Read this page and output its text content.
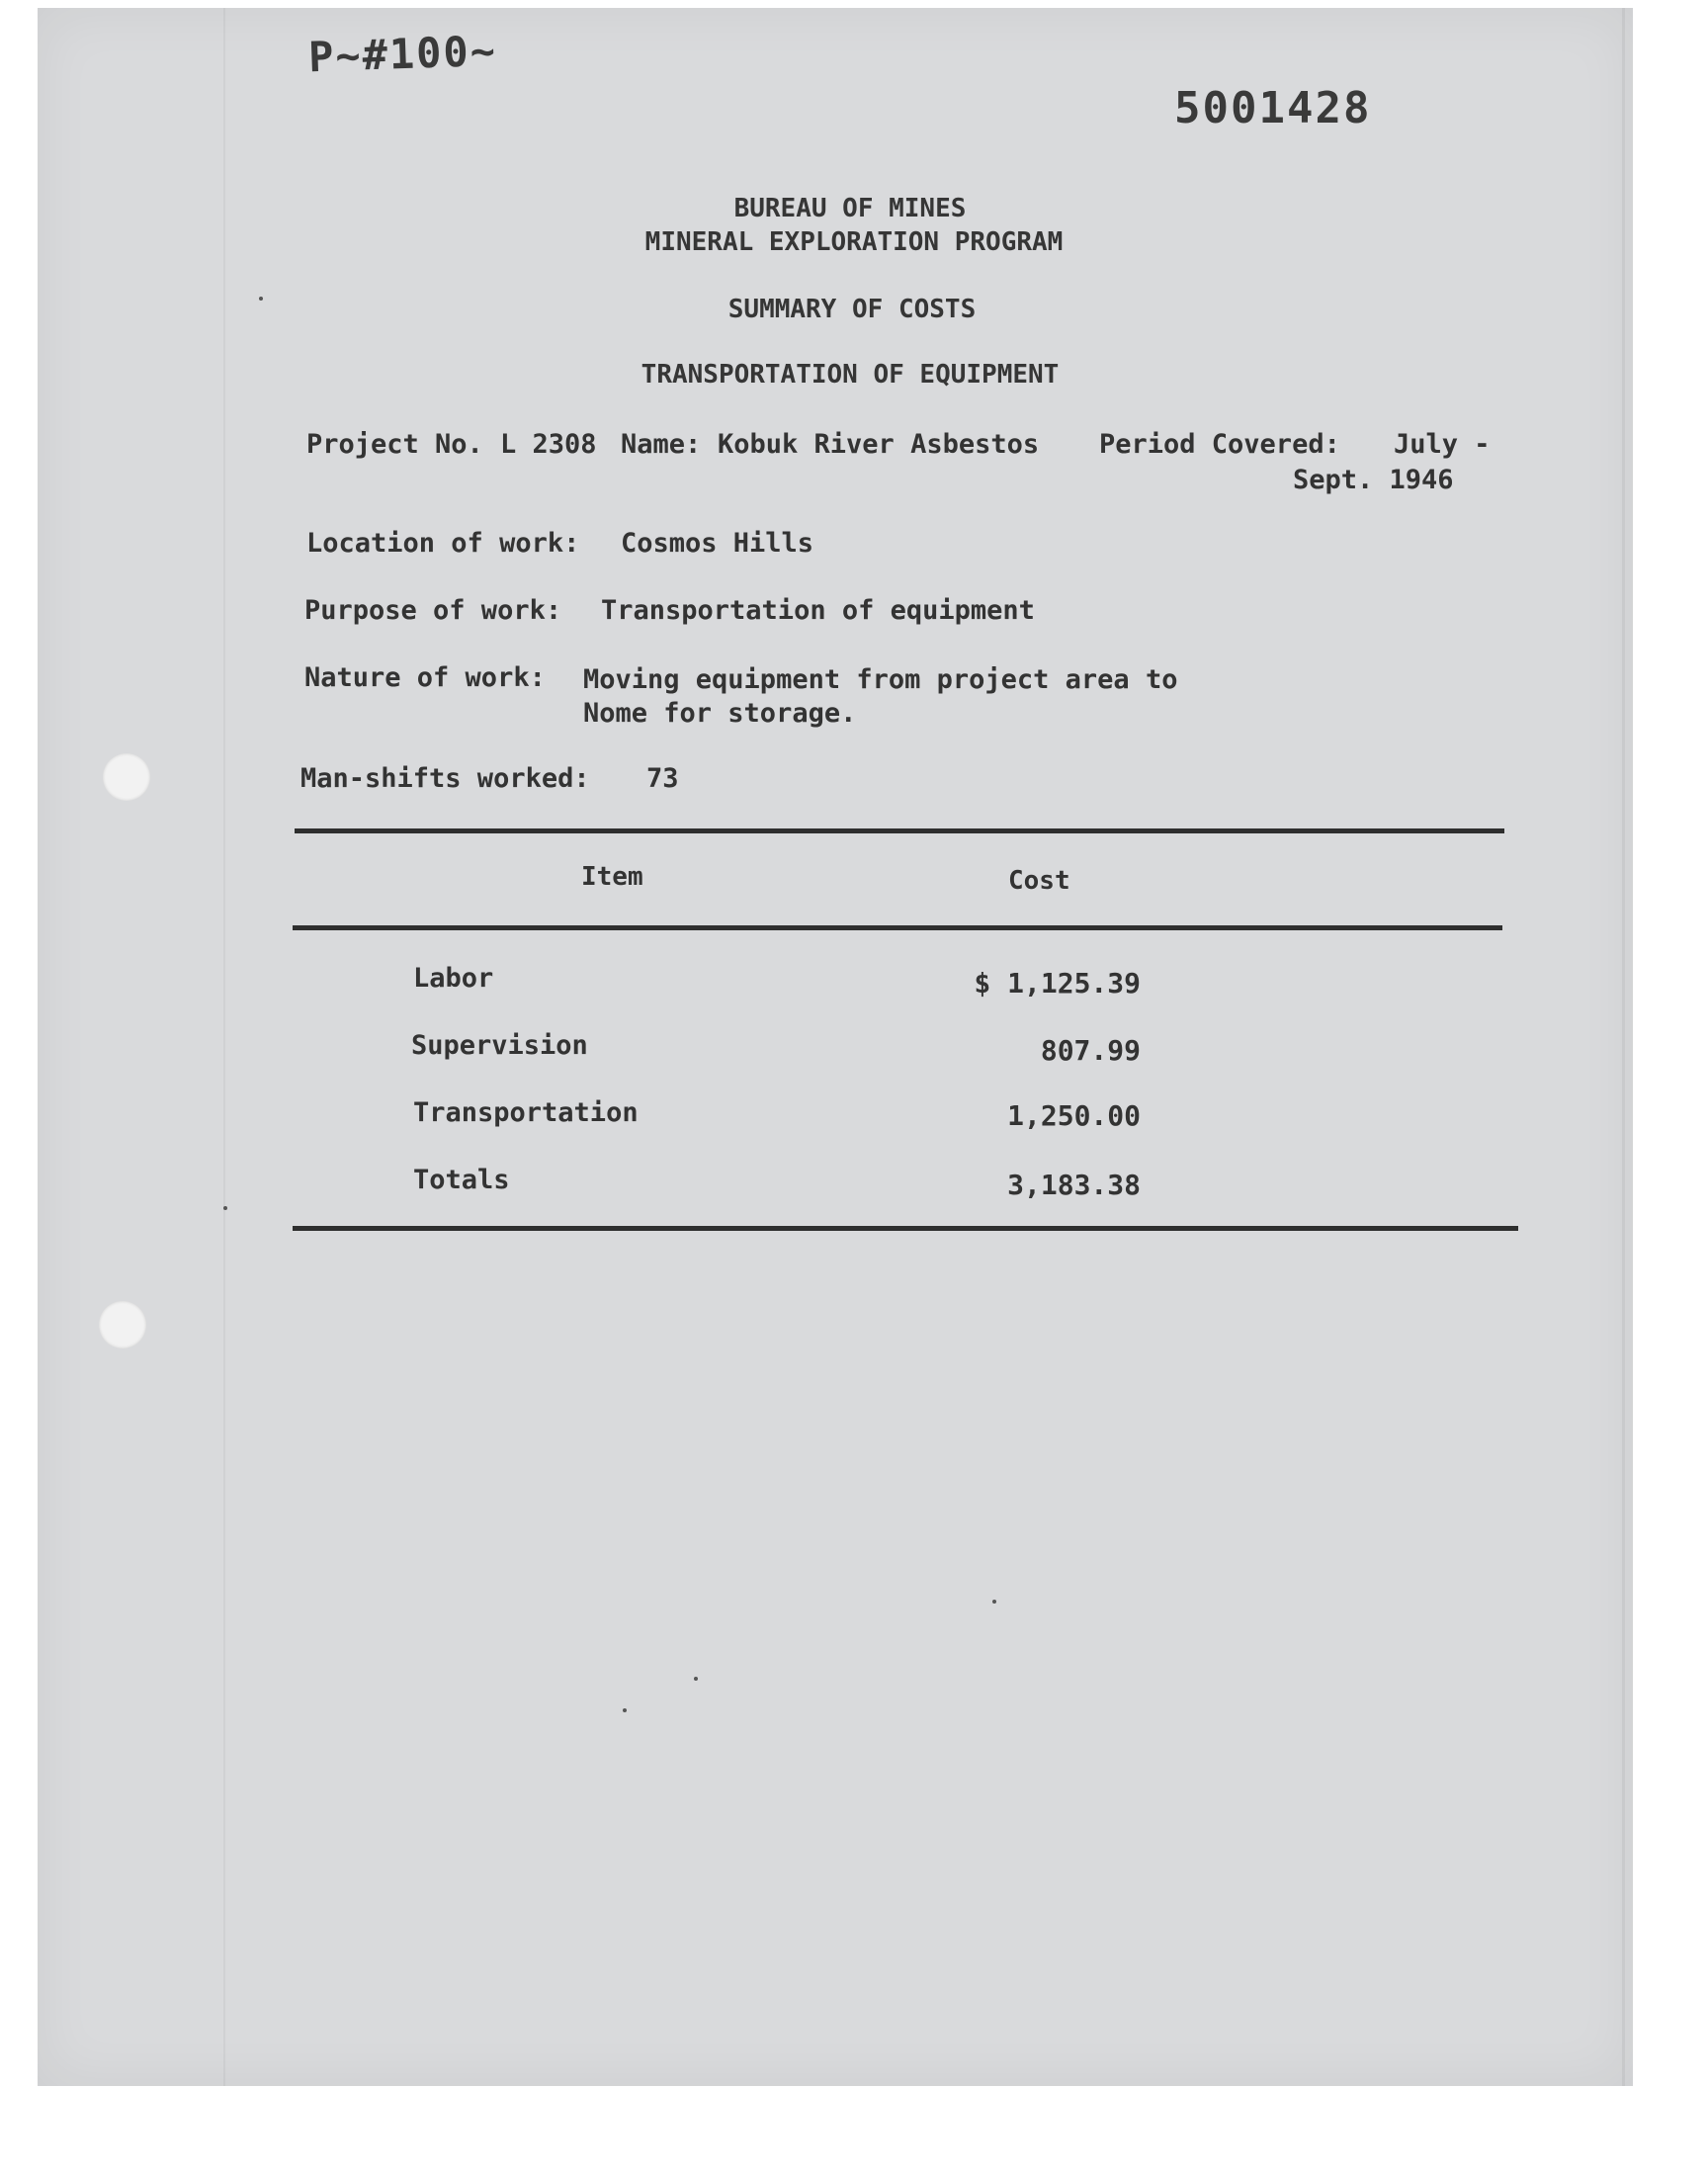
P~#100~
5001428
BUREAU OF MINES
MINERAL EXPLORATION PROGRAM
SUMMARY OF COSTS
TRANSPORTATION OF EQUIPMENT
Project No. L 2308 Name: Kobuk River Asbestos Period Covered: July -
Sept. 1946
Location of work: Cosmos Hills
Purpose of work: Transportation of equipment
Nature of work: Moving equipment from project area to
Nome for storage.
Man-shifts worked: 73
Item	Cost
Labor	$ 1,125.39
Supervision	807.99
Transportation	1,250.00
Totals	3,183.38
